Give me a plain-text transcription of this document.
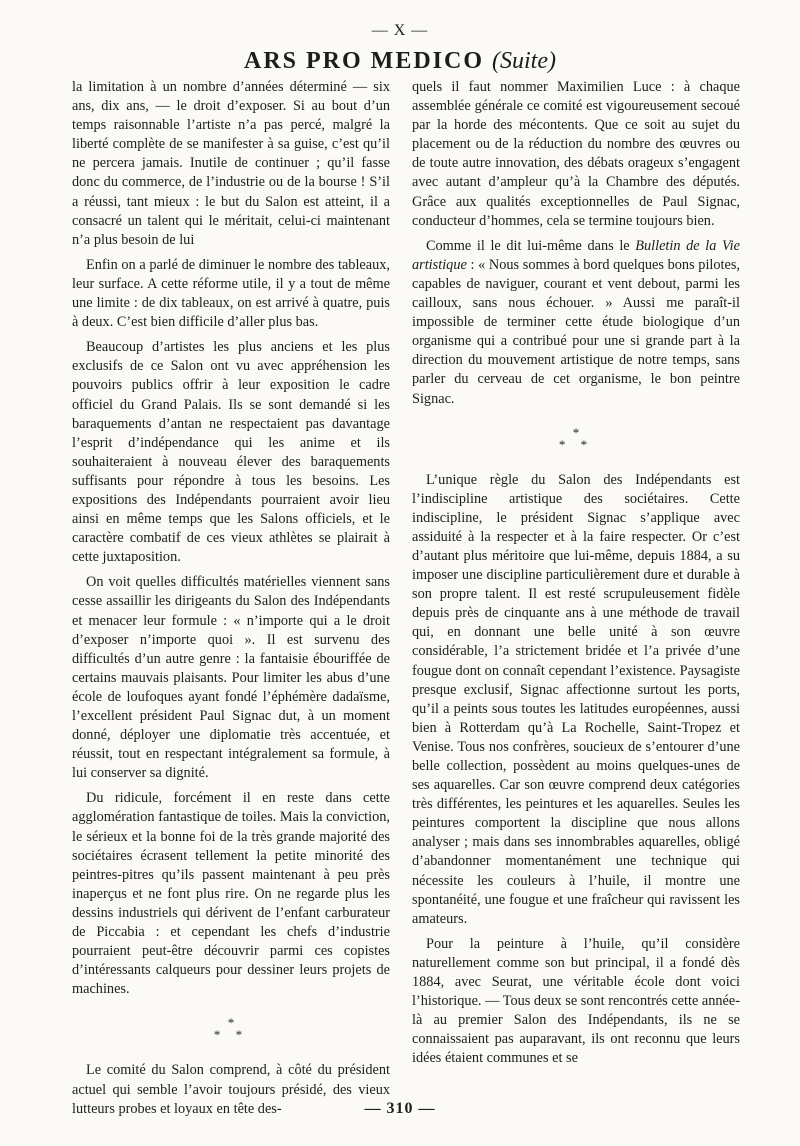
— X —
ARS PRO MEDICO (Suite)

la limitation à un nombre d’années déterminé — six ans, dix ans, — le droit d’exposer. Si au bout d’un temps raisonnable l’artiste n’a pas percé, malgré la liberté complète de se manifester à sa guise, c’est qu’il ne percera jamais. Inutile de continuer ; qu’il fasse donc du commerce, de l’industrie ou de la bourse ! S’il a réussi, tant mieux : le but du Salon est atteint, il a consacré un talent qui le méritait, celui-ci maintenant n’a plus besoin de lui

Enfin on a parlé de diminuer le nombre des tableaux, leur surface. A cette réforme utile, il y a tout de même une limite : de dix tableaux, on est arrivé à quatre, puis à deux. C’est bien difficile d’aller plus bas.

Beaucoup d’artistes les plus anciens et les plus exclusifs de ce Salon ont vu avec appréhension les pouvoirs publics offrir à leur exposition le cadre officiel du Grand Palais. Ils se sont demandé si les baraquements d’antan ne respectaient pas davantage l’esprit d’indépendance qui les anime et ils souhaiteraient à nouveau élever des baraquements suffisants pour répondre à tous les besoins. Les expositions des Indépendants pourraient avoir lieu ainsi en même temps que les Salons officiels, et le caractère combatif de ces vieux athlètes se plairait à cette juxtaposition.

On voit quelles difficultés matérielles viennent sans cesse assaillir les dirigeants du Salon des Indépendants et menacer leur formule : « n’importe qui a le droit d’exposer n’importe quoi ». Il est survenu des difficultés d’un autre genre : la fantaisie ébouriffée de certains mauvais plaisants. Pour limiter les abus d’une école de loufoques ayant fondé l’éphémère dadaïsme, l’excellent président Paul Signac dut, à un moment donné, déployer une diplomatie très accentuée, et réussit, tout en respectant intégralement sa formule, à lui conserver sa dignité.

Du ridicule, forcément il en reste dans cette agglomération fantastique de toiles. Mais la conviction, le sérieux et la bonne foi de la très grande majorité des sociétaires écrasent tellement la petite minorité des peintres-pitres qu’ils passent maintenant à peu près inaperçus et ne font plus rire. On ne regarde plus les dessins industriels qui dérivent de l’enfant carburateur de Piccabia : et cependant les chefs d’industrie pourraient peut-être découvrir parmi ces copistes d’intéressants calqueurs pour dessiner leurs projets de machines.

*
* *

Le comité du Salon comprend, à côté du président actuel qui semble l’avoir toujours présidé, des vieux lutteurs probes et loyaux en tête des-

quels il faut nommer Maximilien Luce : à chaque assemblée générale ce comité est vigoureusement secoué par la horde des mécontents. Que ce soit au sujet du placement ou de la réduction du nombre des œuvres ou de toute autre innovation, des débats orageux s’engagent avec autant d’ampleur qu’à la Chambre des députés. Grâce aux qualités exceptionnelles de Paul Signac, conducteur d’hommes, cela se termine toujours bien.

Comme il le dit lui-même dans le Bulletin de la Vie artistique : « Nous sommes à bord quelques bons pilotes, capables de naviguer, courant et vent debout, parmi les cailloux, sans nous échouer. » Aussi me paraît-il impossible de terminer cette étude biologique d’un organisme qui a contribué pour une si grande part à la direction du mouvement artistique de notre temps, sans parler du cerveau de cet organisme, le bon peintre Signac.

*
* *

L’unique règle du Salon des Indépendants est l’indiscipline artistique des sociétaires. Cette indiscipline, le président Signac s’applique avec assiduité à la respecter et à la faire respecter. Or c’est d’autant plus méritoire que lui-même, depuis 1884, a su imposer une discipline particulièrement dure et durable à son propre talent. Il est resté scrupuleusement fidèle depuis près de cinquante ans à une méthode de travail qui, en donnant une belle unité à son œuvre considérable, l’a strictement bridée et l’a privée d’une fougue dont on connaît cependant l’existence. Paysagiste presque exclusif, Signac affectionne surtout les ports, qu’il a peints sous toutes les latitudes européennes, aussi bien à Rotterdam qu’à La Rochelle, Saint-Tropez et Venise. Tous nos confrères, soucieux de s’entourer d’une belle collection, possèdent au moins quelques-unes de ses aquarelles. Car son œuvre comprend deux catégories très différentes, les peintures et les aquarelles. Seules les peintures comportent la discipline que nous allons analyser ; mais dans ses innombrables aquarelles, obligé d’abandonner momentanément une technique qui nécessite les couleurs à l’huile, il montre une spontanéité, une fougue et une fraîcheur qui ravissent les amateurs.

Pour la peinture à l’huile, qu’il considère naturellement comme son but principal, il a fondé dès 1884, avec Seurat, une véritable école dont voici l’historique. — Tous deux se sont rencontrés cette année-là au premier Salon des Indépendants, ils ne se connaissaient pas auparavant, ils ont reconnu que leurs idées étaient communes et se

— 310 —
